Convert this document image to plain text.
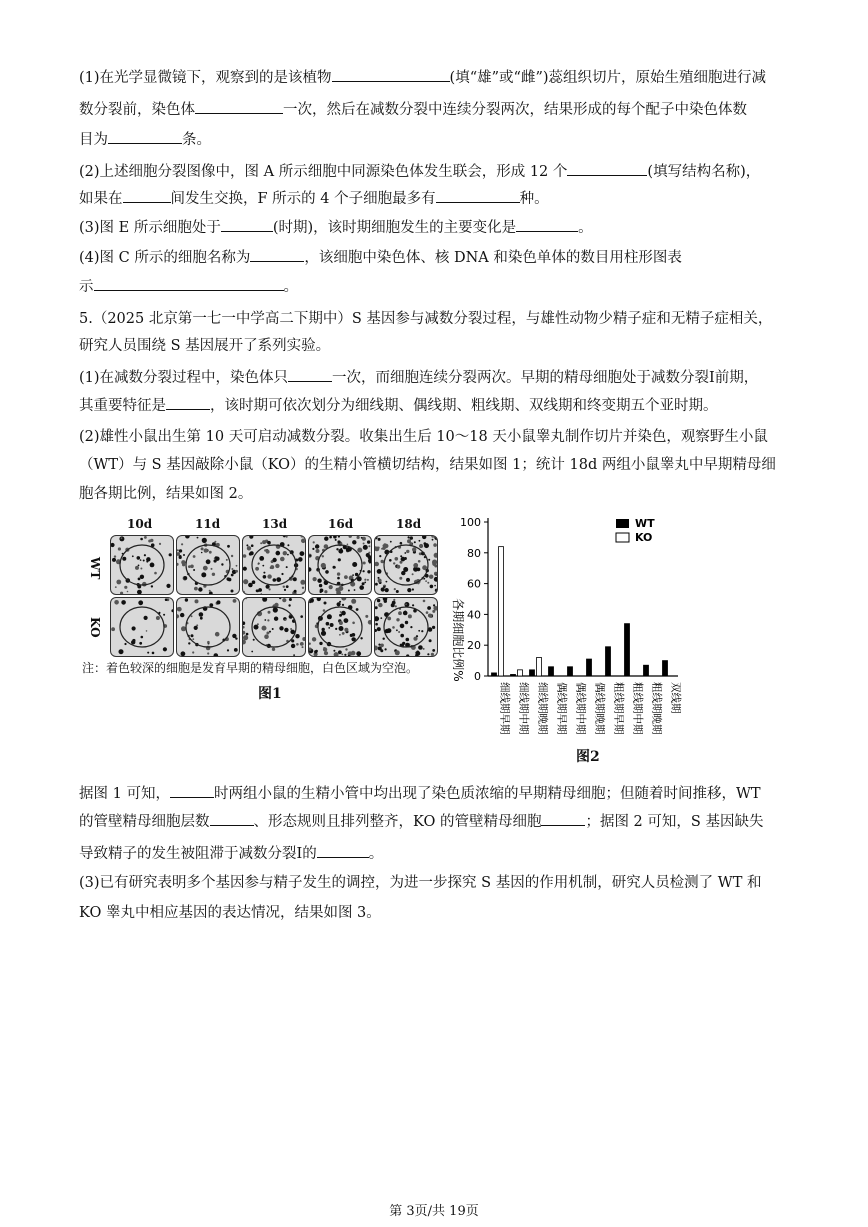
(1)在光学显微镜下，观察到的是该植物	(填“雄”或“雌”)蕊组织切片，原始生殖细胞进行减
数分裂前，染色体	一次，然后在减数分裂中连续分裂两次，结果形成的每个配子中染色体数
目为	条。
(2)上述细胞分裂图像中，图 A 所示细胞中同源染色体发生联会，形成 12 个	(填写结构名称)，
如果在	间发生交换，F 所示的 4 个子细胞最多有	种。
(3)图 E 所示细胞处于	(时期)，该时期细胞发生的主要变化是	。
(4)图 C 所示的细胞名称为	，该细胞中染色体、核 DNA 和染色单体的数目用柱形图表
示	。
5.（2025 北京第一七一中学高二下期中）S 基因参与减数分裂过程，与雄性动物少精子症和无精子症相关，
研究人员围绕 S 基因展开了系列实验。
(1)在减数分裂过程中，染色体只	一次，而细胞连续分裂两次。早期的精母细胞处于减数分裂Ⅰ前期，
其重要特征是	，该时期可依次划分为细线期、偶线期、粗线期、双线期和终变期五个亚时期。
(2)雄性小鼠出生第 10 天可启动减数分裂。收集出生后 10～18 天小鼠睾丸制作切片并染色，观察野生小鼠
（WT）与 S 基因敲除小鼠（KO）的生精小管横切结构，结果如图 1；统计 18d 两组小鼠睾丸中早期精母细
胞各期比例，结果如图 2。
10d	11d	13d	16d	18d
WT
KO
注：着色较深的细胞是发育早期的精母细胞，白色区域为空泡。
图1
0
20
40
60
80
100
细线期早期 细线期中期 细线期晚期 偶线期早期 偶线期中期 偶线期晚期 粗线期早期 粗线期中期 粗线期晚期 双线期
各期细胞比例%
WT
KO
图2
据图 1 可知，	时两组小鼠的生精小管中均出现了染色质浓缩的早期精母细胞；但随着时间推移，WT
的管壁精母细胞层数	、形态规则且排列整齐，KO 的管壁精母细胞	；据图 2 可知，S 基因缺失
导致精子的发生被阻滞于减数分裂Ⅰ的	。
(3)已有研究表明多个基因参与精子发生的调控，为进一步探究 S 基因的作用机制，研究人员检测了 WT 和
KO 睾丸中相应基因的表达情况，结果如图 3。
第 3页/共 19页
